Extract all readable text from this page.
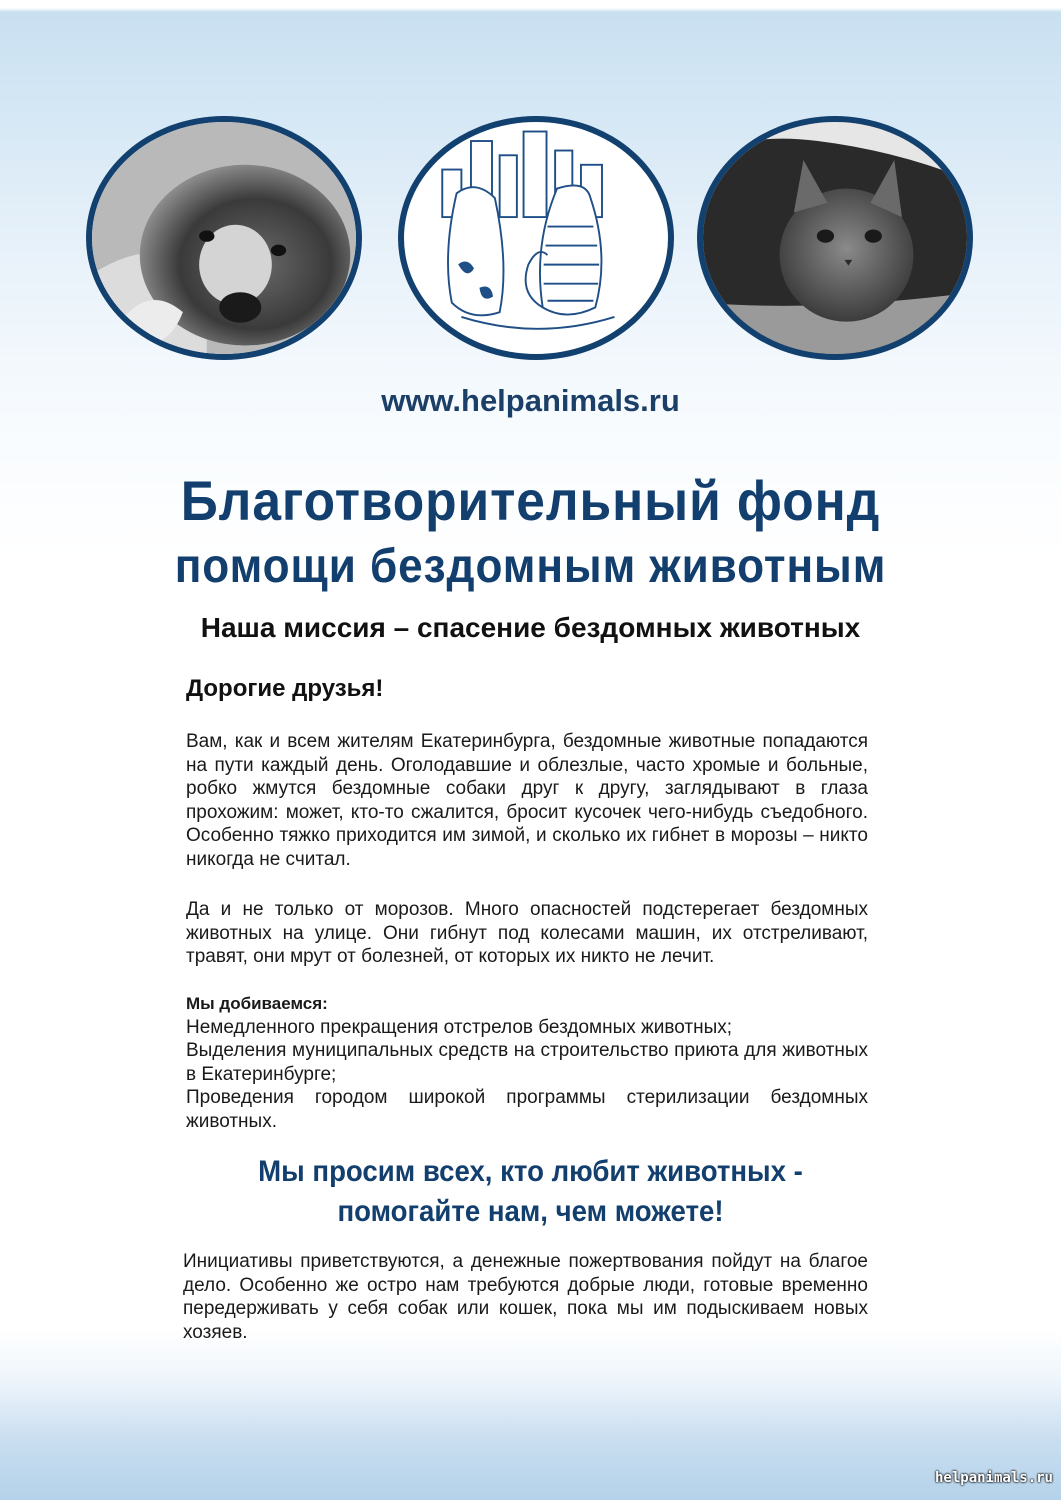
www.helpanimals.ru
Благотворительный фонд
помощи бездомным животным
Наша миссия – спасение бездомных животных
Дорогие друзья!
Вам, как и всем жителям Екатеринбурга, бездомные животные попадаются на пути каждый день. Оголодавшие и облезлые, часто хромые и больные, робко жмутся бездомные собаки друг к другу, заглядывают в глаза прохожим: может, кто-то сжалится, бросит кусочек чего-нибудь съедобного. Особенно тяжко приходится им зимой, и сколько их гибнет в морозы – никто никогда не считал.
Да и не только от морозов. Много опасностей подстерегает бездомных животных на улице. Они гибнут под колесами машин, их отстреливают, травят, они мрут от болезней, от которых их никто не лечит.
Мы добиваемся:
Немедленного прекращения отстрелов бездомных животных;
Выделения муниципальных средств на строительство приюта для животных в Екатеринбурге;
Проведения городом широкой программы стерилизации бездомных животных.
Мы просим всех, кто любит животных -
помогайте нам, чем можете!
Инициативы приветствуются, а денежные пожертвования пойдут на благое дело. Особенно же остро нам требуются добрые люди, готовые временно передерживать у себя собак или кошек, пока мы им подыскиваем новых хозяев.
helpanimals.ru
